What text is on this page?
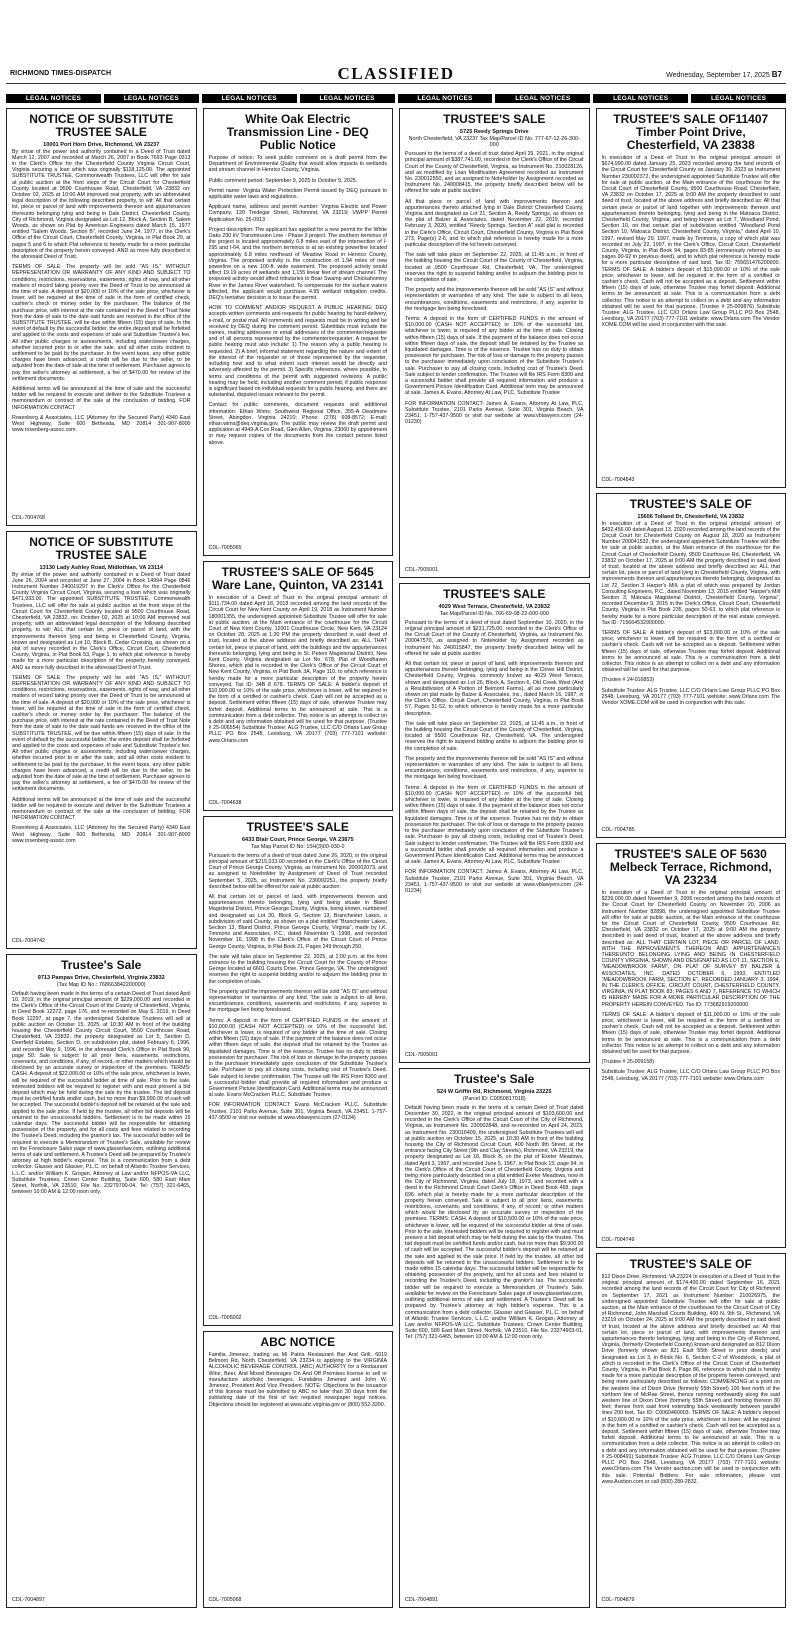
RICHMOND TIMES-DISPATCH	CLASSIFIED	Wednesday, September 17, 2025 B7
LEGAL NOTICES	LEGAL NOTICES	LEGAL NOTICES	LEGAL NOTICES	LEGAL NOTICES	LEGAL NOTICES	LEGAL NOTICES	LEGAL NOTICES
NOTICE OF SUBSTITUTE TRUSTEE SALE
10001 Port Horn Drive, Richmond, VA 23237

By virtue of the power and authority contained in a Deed of Trust dated March 12, 2007 and recorded at March 26, 2007 in Book 7693 Page 0313 in the Clerk's Office for the Chesterfield County Virginia Circuit Court, Virginia securing a loan which was originally $118,125.00. The appointed SUBSTITUTE TRUSTEE, Commonwealth Trustees, LLC will offer for sale at public auction at the front steps of the Circuit Court for Chesterfield County located at 9500 Courthouse Road, Chesterfield, VA 23832 on: October 02, 2025 at 10:00 AM improved real property, with an abbreviated legal description of the following described property, to wit: All that certain lot, piece or parcel of land with improvements thereon and appurtenances thereunto belonging lying and being in Dale District, Chesterfield County, City of Richmond, Virginia designated as Lot 12, Block A, Section B, Salem Woods, as shown on Plat by American Engineers dated March 15, 1977 entitled "Salem Woods, Section B", recorded June 24, 1977, in the Clerk's Office of the Circuit Court, Chesterfield County, Virginia, in Plat Book 29, at pages 5 and 6 to which Plat reference is hereby made for a more particular description of the property herein conveyed. AND as more fully described in the aforesaid Deed of Trust.

TERMS OF SALE: The property will be sold "AS IS," WITHOUT REPRESENTATION OR WARRANTY OF ANY KIND AND SUBJECT TO conditions, restrictions, reservations, easements, rights of way, and all other matters of record taking priority over the Deed of Trust to be announced at the time of sale. A deposit of $20,000 or 10% of the sale price, whichever is lower, will be required at the time of sale in the form of certified check, cashier's check or money order by the purchaser. The balance of the purchase price, with interest at the rate contained in the Deed of Trust Note from the date of sale to the date said funds are received in the office of the SUBSTITUTE TRUSTEE, will be due within fifteen (15) days of sale. In the event of default by the successful bidder, the entire deposit shall be forfeited and applied to the costs and expenses of sale and Substitute Trustee's fee. All other public charges or assessments, including water/sewer charges, whether incurred prior to or after the sale, and all other costs incident to settlement to be paid by the purchaser. In the event taxes, any other public charges have been advanced, a credit will be due to the seller, to be adjusted from the date of sale at the time of settlement. Purchaser agrees to pay the seller's attorney at settlement, a fee of $470.00 for review of the settlement documents.

Additional terms will be announced at the time of sale and the successful bidder will be required to execute and deliver to the Substitute Trustees a memorandum or contract of the sale at the conclusion of bidding. FOR INFORMATION CONTACT

Rosenberg & Associates, LLC (Attorney for the Secured Party) 4340 East West Highway, Suite 600 Bethesda, MD 20814 301-907-8000 www.rosenberg-assoc.com

CDL-7004768
NOTICE OF SUBSTITUTE TRUSTEE SALE
13130 Lady Ashley Road, Midlothian, VA 23114

By virtue of the power and authority contained in a Deed of Trust dated June 26, 2004 and recorded at June 27, 2004 in Book 14994 Page 0846 Instrument Number 240019297 in the Clerk's Office for the Chesterfield County Virginia Circuit Court, Virginia, securing a loan which was originally $471,933.00. The appointed SUBSTITUTE TRUSTEE, Commonwealth Trustees, LLC will offer for sale at public auction at the front steps of the Circuit Court for Chesterfield County located at 9500 Courthouse Road, Chesterfield, VA 23832, on: October 02, 2025 at 10:00 AM improved real property, with an abbreviated legal description of the following described property, to wit: ALL that certain lot, piece or parcel of land, with the improvements thereon lying and being in Chesterfield County, Virginia, known and designated as Lot 10, Block B, Cedar Crossing, as shown on a plat of survey recorded in the Clerk's Office, Circuit Court, Chesterfield County, Virginia, in Plat Book 53, Page 1, to which plat reference is hereby made for a more particular description of the property hereby conveyed. AND as more fully described in the aforesaid Deed of Trust.

TERMS OF SALE: The property will be sold "AS IS," WITHOUT REPRESENTATION OR WARRANTY OF ANY KIND AND SUBJECT TO conditions, restrictions, reservations, easements, rights of way, and all other matters of record taking priority over the Deed of Trust to be announced at the time of sale. A deposit of $20,000 or 10% of the sale price, whichever is lower, will be required at the time of sale in the form of certified check, cashier's check or money order by the purchaser. The balance of the purchase price, with interest at the rate contained in the Deed of Trust Note from the date of sale to the date said funds are received in the office of the SUBSTITUTE TRUSTEE, will be due within fifteen (15) days of sale. In the event of default by the successful bidder, the entire deposit shall be forfeited and applied to the costs and expenses of sale and Substitute Trustee's fee. All other public charges or assessments, including water/sewer charges, whether incurred prior to or after the sale, and all other costs incident to settlement to be paid by the purchaser. In the event taxes, any other public charges have been advanced, a credit will be due to the seller, to be adjusted from the date of sale at the time of settlement. Purchaser agrees to pay the seller's attorney at settlement, a fee of $470.00 for review of the settlement documents.

Additional terms will be announced at the time of sale and the successful bidder will be required to execute and deliver to the Substitute Trustees a memorandum or contract of the sale at the conclusion of bidding. FOR INFORMATION CONTACT

Rosenberg & Associates, LLC (Attorney for the Secured Party) 4340 East West Highway, Suite 600 Bethesda, MD 20814 301-907-8000 www.rosenberg-assoc.com

CDL-7004742
Trustee's Sale
9713 Pampas Drive, Chesterfield, Virginia 23832
(Tax Map ID No.: 768663842200000)

Default having been made in the terms of a certain Deed of Trust dated April 10, 2019, in the original principal amount of $229,000.00 and recorded in the Clerk's Office of the Circuit Court of the County of Chesterfield, Virginia, in Deed Book 12272, page 176, and re-recorded on May 6, 2019, in Deed Book 12297, at page 7, the undersigned Substitute Trustees will sell at public auction on October 15, 2025, at 10:30 AM in front of the building housing the Chesterfield County Circuit Court, 9500 Courthouse Road, Chesterfield, VA 23832, the property designated as Lot 5, Section D, Deerfield Estates, Section D, on subdivision plat, dated February 6, 1996, and recorded May 9, 1996, in the aforesaid Clerk's Office in Plat Book 90, page 50. Sale is subject to all prior liens, easements, restrictions, covenants, and conditions, if any, of record, or other matters which would be disclosed by an accurate survey or inspection of the premises. TERMS: CASH. A deposit of $22,000.00 or 10% of the sale price, whichever is lower, will be required of the successful bidder at time of sale. Prior to the sale, interested bidders will be required to register with and must present a bid deposit which may be held during the sale by the trustee. The bid deposit must be certified funds and/or cash, but no more than $9,990.00 of cash will be accepted. The successful bidder's deposit will be retained at the sale and applied to the sale price. If held by the trustee, all other bid deposits will be returned to the unsuccessful bidders. Settlement is to be made within 15 calendar days. The successful bidder will be responsible for obtaining possession of the property, and for all costs and fees related to recording the Trustee's Deed, including the grantor's tax. The successful bidder will be required to execute a Memorandum of Trustee's Sale, available for review on the Foreclosure Sales page of www.glasserlaw.com, outlining additional terms of sale and settlement. A Trustee's Deed will be prepared by Trustee's attorney at high bidder's expense. This is a communication from a debt collector. Glasser and Glasser, P.L.C. on behalf of Atlantic Trustee Services, L.L.C. and/or William K. Grogan, Attorney at Law and/or NFPOS-VA LLC, Substitute Trustees, Crown Center Building, Suite 600, 580 East Main Street, Norfolk, VA 23510, File No. 23279790-04, Tel: (757) 321-6465, between 10:00 AM & 12:00 noon only.

CDL-7004897
White Oak Electric Transmission Line - DEQ Public Notice

Purpose of notice: To seek public comment on a draft permit from the Department of Environmental Quality that would allow impacts to wetlands and stream channel in Henrico County, Virginia.

Public comment period: September 9, 2025 to October 9, 2025

Permit name: Virginia Water Protection Permit issued by DEQ pursuant to applicable water laws and regulations.

Applicant name, address and permit number: Virginia Electric and Power Company, 120 Tredegar Street, Richmond, VA 23219; VWPP Permit Application No. 25-0913

Project description: The applicant has applied for a new permit for the White Oaks 230 kV Transmission Line - Phase 2 project. The southern terminus of the project is located approximately 0.8 miles east of the intersection of I-295 and I-64, and the northern terminus is at an existing powerline located approximately 6.8 miles northeast of Meadow Road in Henrico County, Virginia. The proposed activity is the construction of 1.94 miles of new powerline on a new 100-ft. wide easement. The proposed activity would affect 19.19 acres of wetlands and 1,155 linear feet of stream channel. The proposed activity would affect tributaries to Boar Swamp and Chickahominy River in the James River watershed. To compensate for the surface waters affected, the applicant would purchase 4.95 wetland mitigation credits. DEQ's tentative decision is to issue the permit.

HOW TO COMMENT AND/OR REQUEST A PUBLIC HEARING: DEQ accepts written comments and requests for public hearing by hand-delivery, e-mail, or postal mail. All comments and requests must be in writing and be received by DEQ during the comment period. Submittals must include the names, mailing addresses or email addresses of the commenter/requester and of all persons represented by the commenter/requester. A request for public hearing must also include: 1) The reason why a public hearing is requested. 2) A brief, informal statement regarding the nature and extent of the interest of the requester or of those represented by the requester, including how and to what extent such interest would be directly and adversely affected by the permit. 3) Specific references, where possible, to terms and conditions of the permit with suggested revisions. A public hearing may be held, including another comment period, if public response is significant based on individual requests for a public hearing, and there are substantial, disputed issues relevant to the permit.

Contact for public comments, document requests and additional information: Ethan Wims; Southwest Regional Office, 355-A Deadmore Street, Abingdon, Virginia 24210; Phone: (276) 608-8572; E-mail: ethan.wims@deq.virginia.gov. The public may review the draft permit and application at 4949-A Cox Road, Glen Allen, Virginia, 23060 by appointment or may request copies of the documents from the contact person listed above.

CDL-7005065
TRUSTEE'S SALE OF 5645 Ware Lane, Quinton, VA 23141

In execution of a Deed of Trust in the original principal amount of $111,734.00 dated April 18, 2018 recorded among the land records of the Circuit Court for New Kent County on April 19, 2018 as Instrument Number 180001355, the undersigned appointed Substitute Trustee will offer for sale at public auction, at the Main entrance of the courthouse for the Circuit Court of New Kent County, 12001 Courthouse Circle, New Kent, VA 23124 on October 28, 2025 at 1:30 PM the property described in said deed of trust, located at the above address and briefly described as: ALL THAT certain lot, piece or parcel of land, with the buildings and the appurtenances thereunto belonging, lying and being in St. Peters Magisterial District, New Kent County, Virginia designated as Lot No. 678, Plat of Woodhaven Shores, which plat is recorded in the Clerk's Office of the Circuit Court of New Kent County, Virginia, in Plat Book 3A, Page 110, to which reference is hereby made for a more particular description of the property herein conveyed. Tax ID: 34B 8 678. TERMS OF SALE: A bidder's deposit of $10,000.00 or 10% of the sale price, whichever is lower, will be required in the form of a certified or cashier's check. Cash will not be accepted as a deposit. Settlement within fifteen (15) days of sale, otherwise Trustee may forfeit deposit. Additional terms to be announced at sale. This is a communication from a debt collector. This notice is an attempt to collect on a debt and any information obtained will be used for that purpose. (Trustee # 25-006554) Substitute Trustee: ALG Trustee, LLC C/O Orlans Law Group PLLC PO Box 2548, Leesburg, VA 20177 (703) 777-7101 website: www.Orlans.com

CDL-7004638
TRUSTEE'S SALE
6433 Blair Court, Prince George, VA 23875
Tax Map Parcel ID No: 15H(3)00-030-0

Pursuant to the terms of a deed of trust dated June 26, 2020, in the original principal amount of $215,033.00 recorded in the Clerk's Office of the Circuit Court of Prince George County, Virginia, as Instrument No. 200002073, and as assigned to Noteholder by Assignment of Deed of Trust recorded September 5, 2025, as Instrument No. 230002251, the property briefly described below will be offered for sale at public auction:

All that certain lot or parcel of land, with improvements thereon and appurtenances thereto belonging, lying and being situate in Bland Magisterial District, Prince George County, Virginia, being known, numbered and designated as Lot 30, Block G, Section 13, Branchester Lakes, a subdivision of said County, as shown on a plat entitled "Branchester Lakes, Section 13, Bland District, Prince George County, Virginia", made by I.K. Timmons and Associates, P.C., dated November 9, 1998, and recorded November 16, 1998 in the Clerk's Office of the Circuit Court of Prince George County, Virginia, in Plat Book 21, Pages 249 through 250.

The sale will take place on September 22, 2025, at 1:00 p.m. at the front entrance to the building housing the Circuit Court for the County of Prince George located at 6601 Courts Drive, Prince George, VA. The undersigned reserves the right to suspend bidding and/or to adjourn the bidding prior to the completion of sale.

The property and the improvements thereon will be sold "AS IS" and without representation or warranties of any kind. The sale is subject to all liens, encumbrances, conditions, easements and restrictions, if any, superior to the mortgage lien being foreclosed.

Terms: A deposit in the form of CERTIFIED FUNDS in the amount of $10,000.00 (CASH NOT ACCEPTED) or 10% of the successful bid, whichever is lower, is required of any bidder at the time of sale. Closing within fifteen (15) days of sale. If the payment of the balance does not occur within fifteen days of sale, the deposit shall be retained by the Trustee as liquidated damages. Time is of the essence. Trustee has no duty to obtain possession for purchaser. The risk of loss or damage to the property passes to the purchaser immediately upon conclusion of the Substitute Trustee's sale. Purchaser to pay all closing costs, including cost of Trustee's Deed. Sale subject to lender confirmation. The Trustee will file IRS Form 8300 and a successful bidder shall provide all required information and produce a Government Picture Identification Card. Additional terms may be announced at sale. Evans McCracken PLLC, Substitute Trustee.

FOR INFORMATION CONTACT: Evans McCracken PLLC, Substitute Trustee, 2101 Parks Avenue, Suite 301, Virginia Beach, VA 23451. 1-757-437-9500 or visit our website at www.vblawyers.com (27-0134)

CDL-7005002
ABC NOTICE

Familia Jimenez, trading as Mi Patria Restaurant Bar And Grill, 6019 Belmont Rd, North Chesterfield, VA 23234 is applying to the VIRGINIA ALCOHOLIC BEVERAGE CONTROL (ABC) AUTHORITY for a Restaurant Wine, Beer, And Mixed Beverages On And Off Premises license to sell or manufacture alcoholic beverages. Fundalina Jimenez and John W. Jimenez, President And Vice President. NOTE: Objections to the issuance of this license must be submitted to ABC no later than 30 days from the publishing date of the first of two required newspaper legal notices. Objections should be registered at www.abc.virginia.gov or (800) 552-3200.

CDL-7005068
TRUSTEE'S SALE
5725 Reedy Springs Drive
North Chesterfield, VA 23237 Tax Map/Parcel ID No. 777-67-12-26-300-000

Pursuant to the terms of a deed of trust dated April 29, 2021, in the original principal amount of $387,741.00, recorded in the Clerk's Office of the Circuit Court of the County of Chesterfield, Virginia, as Instrument No. 210028126, and as modified by Loan Modification Agreement recorded as Instrument No. 230012550, and as assigned to Noteholder by Assignment recorded as Instrument No. 240008415, the property briefly described below will be offered for sale at public auction:

All that piece or parcel of land with improvements thereon and appurtenances thereto attached lying in Dale District Chesterfield County, Virginia and designated as Lot 21, Section A, Reedy Springs, as shown on the plat of Balzer & Associates, dated November 22, 2019, recorded February 3, 2020, entitled "Reedy Springs, Section A" said plat is recorded in the Clerk's Office, Circuit Court, Chesterfield County, Virginia in Plat Book 273, Page(s) 2-6, and to which plat reference is hereby made for a more particular description of the lot herein conveyed.

The sale will take place on September 22, 2025, at 11:45 a.m., in front of the building housing the Circuit Court of the County of Chesterfield, Virginia, located at 9500 Courthouse Rd, Chesterfield, VA. The undersigned reserves the right to suspend bidding and/or to adjourn the bidding prior to the completion of sale.

The property and the improvements thereon will be sold "AS IS" and without representation or warranties of any kind. The sale is subject to all liens, encumbrances, conditions, easements and restrictions, if any, superior to the mortgage lien being foreclosed.

Terms: A deposit in the form of CERTIFIED FUNDS in the amount of $10,000.00 (CASH NOT ACCEPTED) or 10% of the successful bid, whichever is lower, is required of any bidder at the time of sale. Closing within fifteen (15) days of sale. If the payment of the balance does not occur within fifteen days of sale, the deposit shall be retained by the Trustee as liquidated damages. Time is of the essence. Trustee has no duty to obtain possession for purchaser. The risk of loss or damage to the property passes to the purchaser immediately upon conclusion of the Substitute Trustee's sale. Purchaser to pay all closing costs, including cost of Trustee's Deed. Sale subject to lender confirmation. The Trustee will file IRS Form 8300 and a successful bidder shall provide all required information and produce a Government Picture Identification Card. Additional term may be announced at sale. James A. Evans, Attorney At Law, PLC, Substitute Trustee

FOR INFORMATION CONTACT: James A. Evans, Attorney At Law, PLC, Substitute Trustee, 2101 Parks Avenue, Suite 301, Virginia Beach, VA 23451. 1-757-437-9500 or visit our website at www.vblawyers.com (24-01230)

CDL-7005001
TRUSTEE'S SALE
4029 West Terrace, Chesterfield, VA 23832
Tax Map/Parcel ID No. 766-69-08-22-600-000

Pursuant to the terms of a deed of trust dated September 10, 2020, in the original principal amount of $231,725.00, recorded in the Clerk's Office of the Circuit Court of the County of Chesterfield, Virginia, as Instrument No. 200047570, as assigned to Noteholder by Assignment recorded as Instrument No. 240015847, the property briefly described below will be offered for sale at public auction:

All that certain lot, piece or parcel of land, with improvements thereon and appurtenances thereto belonging, lying and being in the Clover Hill District, Chesterfield County, Virginia, commonly known as 4029 West Terrace, shown and designated as Lot 26, Block A, Section 6, Old Creek West (And a Resubdivision of A Portion of Belmont Farms), all as more particularly shown on plat made by Balzer & Associates, Inc., dated March 16, 1987, in the Clerk's Office, Circuit Court, Chesterfield County, Virginia, in Plat Book 57, Pages 51-52, to which reference is hereby made for a more particular description.

The sale will take place on September 22, 2025, at 11:45 a.m., in front of the building housing the Circuit Court of the County of Chesterfield, Virginia, located at 9500 Courthouse Rd., Chesterfield, VA. The undersigned reserves the right to suspend bidding and/or to adjourn the bidding prior to the completion of sale.

The property and the improvements thereon will be sold "AS IS" and without representation or warranties of any kind. The sale is subject to all liens, encumbrances, conditions, easements and restrictions, if any, superior to the mortgage lien being foreclosed.

Terms: A deposit in the form of CERTIFIED FUNDS in the amount of $10,000.00 (CASH NOT ACCEPTED) or 10% of the successful bid, whichever is lower, is required of any bidder at the time of sale. Closing within fifteen (15) days of sale. If the payment of the balance does not occur within fifteen days of sale, the deposit shall be retained by the Trustee as liquidated damages. Time is of the essence. Trustee has no duty to obtain possession for purchaser. The risk of loss or damage to the property passes to the purchaser immediately upon conclusion of the Substitute Trustee's sale. Purchaser to pay all closing costs, including cost of Trustee's Deed. Sale subject to lender confirmation. The Trustee will file IRS Form 8300 and a successful bidder shall provide all required information and produce a Government Picture Identification Card. Additional terms may be announced at sale. James A. Evans, Attorney At Law, PLC, Substitute Trustee

FOR INFORMATION CONTACT: James A. Evans, Attorney At Law, PLC, Substitute Trustee, 2101 Parks Avenue, Suite 301, Virginia Beach, VA 23451. 1-757-437-9500 or visit our website at www.vblawyers.com (24-01234)

CDL-7005001
Trustee's Sale
524 W Griffin Rd, Richmond, Virginia 23225
(Parcel ID: C0050817018)

Default having been made in the terms of a certain Deed of Trust dated December 30, 2022, in the original principal amount of $103,600.00 and recorded in the Clerk's Office of the Circuit Court of the City of Richmond, Virginia, as Instrument No. 230002848, and re-recorded on April 24, 2023, as Instrument No. 230016409, the undersigned Substitute Trustees will sell at public auction on October 15, 2025, at 10:30 AM in front of the building housing the City of Richmond Circuit Court, 400 North 9th Street, at the entrance facing City Street (9th and Clay Streets), Richmond, VA 23219, the property designated as Lot 18, Block B, on the plat of Exeter Meadows, dated April 3, 1967, and recorded June 5, 1967, in Plat Book 15, page 94, in the Clerk's Office of the Circuit Court of Chesterfield County, Virginia and being more particularly described on a plat entitled Exeter Meadows, now in the City of Richmond, Virginia, dated July 18, 1973, and recorded with a deed in the Richmond Circuit Court Clerk's Office in Deed Book 468, page 696, which plat is hereby made for a more particular description of the property herein conveyed. Sale is subject to all prior liens, easements, restrictions, covenants, and conditions, if any, of record, or other matters which would be disclosed by an accurate survey or inspection of the premises. TERMS: CASH. A deposit of $10,500.00 or 10% of the sale price, whichever is lower, will be required of the successful bidder at time of sale. Prior to the sale, interested bidders will be required to register with and must present a bid deposit which may be held during the sale by the trustee. The bid deposit must be certified funds and/or cash, but no more than $9,900.00 of cash will be accepted. The successful bidder's deposit will be retained at the sale and applied to the sale price. If held by the trustee, all other bid deposits will be returned to the unsuccessful bidders. Settlement is to be made within 15 calendar days. The successful bidder will be responsible for obtaining possession of the property, and for all costs and fees related to recording the Trustee's Deed, including the grantor's tax. The successful bidder will be required to execute a Memorandum of Trustee's Sale, available for review on the Foreclosure Sales page of www.glasserlaw.com, outlining additional terms of sale and settlement. A Trustee's Deed will be prepared by Trustee's attorney at high bidder's expense. This is a communication from a debt collector. Glasser and Glasser, P.L.C. on behalf of Atlantic Trustee Services, L.L.C. and/or William K. Grogan, Attorney at Law and/or NFPOS-VA LLC, Substitute Trustees, Crown Center Building, Suite 600, 580 East Main Street, Norfolk, VA 23510, File No. 23274903-01, Tel: (757) 321-6465, between 10:00 AM & 12:00 noon only.

CDL-7004891
TRUSTEE'S SALE OF11407 Timber Point Drive, Chesterfield, VA 23838

In execution of a Deed of Trust in the original principal amount of $674,990.00 dated January 25, 2023 recorded among the land records of the Circuit Court for Chesterfield County on January 30, 2023 as Instrument Number 230002372, the undersigned appointed Substitute Trustee will offer for sale at public auction, at the Main entrance of the courthouse for the Circuit Court of Chesterfield County, 9500 Courthouse Road, Chesterfield, VA 23832 on October 17, 2025 at 9:00 AM the property described in said deed of trust, located at the above address and briefly described as: All that certain piece or parcel of land together with improvements thereon and appurtenances thereto belonging, lying and being in the Matoaca District, Chesterfield County, Virginia, and being known as Lot 7, Woodland Pond, Section 10, on that certain plat of subdivision entitled "Woodland Pond Section 10, Matoaca District, Chesterfield County, Virginia," dated April 10, 1997, revised May 29, 1997, made by Timmons, a copy of which plat was recorded on July 22, 1997, in the Clerk's Office, Circuit Court, Chesterfield County, Virginia, in Plat Book 94, pages 83-85 (erroneously referred to as pages 90-92 in previous deed), and to which plat reference is hereby made for a more particular description of said land. Tax ID: 755651476200000. TERMS OF SALE: A bidder's deposit of $15,000.00 or 10% of the sale price, whichever is lower, will be required in the form of a certified or cashier's check. Cash will not be accepted as a deposit. Settlement within fifteen (15) days of sale, otherwise Trustee may forfeit deposit. Additional terms to be announced at sale. This is a communication from a debt collector. This notice is an attempt to collect on a debt and any information obtained will be used for that purpose. (Trustee # 25-009876) Substitute Trustee: ALG Trustee, LLC C/O Orlans Law Group PLLC PO Box 2548, Leesburg, VA 20177 (703) 777-7101 website: www.Orlans.com The Vendor XOME.COM will be used in conjunction with this sale.

CDL-7004843
TRUSTEE'S SALE OF
15606 Tolland Dr, Chesterfield, VA 23832

In execution of a Deed of Trust in the original principal amount of $432,456.00 dated August 13, 2020 recorded among the land records of the Circuit Court for Chesterfield County on August 18, 2020 as Instrument Number 200041532, the undersigned appointed Substitute Trustee will offer for sale at public auction, at the Main entrance of the courthouse for the Circuit Court of Chesterfield County, 9500 Courthouse Rd, Chesterfield, VA 23832 on October 17, 2025 at 9:00 AM the property described in said deed of trust, located at the above address and briefly described as: ALL that certain lot, piece or parcel of land lying in Chesterfield County, Virginia, with improvements thereon and appurtenances thereto belonging, designated as Lot 72, Section 3 Harper's Mill, a plat of which was prepared by Jordan Consulting Engineers, P.C., dated November 13, 2015 entitled "Harper's Mill Section 3, Matoaca Magisterial District, Chesterfield County, Virginia", recorded December 9, 2015 in the Clerk's Office, Circuit Court, Chesterfield County, Virginia in Plat Book 235, pages 50-63, to which plat reference is hereby made for a more particular description of the real estate conveyed. Tax ID: 715664532900000.

TERMS OF SALE: A bidder's deposit of $13,000.00 or 10% of the sale price, whichever is lower, will be required in the form of a certified or cashier's check. Cash will not be accepted as a deposit. Settlement within fifteen (15) days of sale, otherwise Trustee may forfeit deposit. Additional terms to be announced at sale. This is a communication from a debt collector. This notice is an attempt to collect on a debt and any information obtained will be used for that purpose.

(Trustee # 24-016853)

Substitute Trustee: ALG Trustee, LLC C/O Orlans Law Group PLLC PO Box 2548, Leesburg, VA 20177 (703) 777-7101 website: www.Orlans.com The Vendor XOME.COM will be used in conjunction with this sale.

CDL-7004785
TRUSTEE'S SALE OF 5630 Melbeck Terrace, Richmond, VA 23234

In execution of a Deed of Trust in the original principal amount of $239,000.00 dated November 9, 2006 recorded among the land records of the Circuit Court for Chesterfield County on November 20, 2006 as Instrument Number 82898, the undersigned appointed Substitute Trustee will offer for sale at public auction, at the Main entrance of the courthouse for the Circuit Court of Chesterfield County, 9500 Courthouse Rd, Chesterfield, VA 23832 on October 17, 2025 at 9:00 AM the property described in said deed of trust, located at the above address and briefly described as: ALL THAT CERTAIN LOT, PIECE OR PARCEL OF LAND, WITH THE IMPROVEMENTS THEREON AND APPURTENANCES THEREUNTO BELONGING LYING AND BEING IN CHESTERFIELD COUNTY VIRGINIA, SHOWN AND DESIGNATED AS LOT 11, SECTION E, "MEADOWBROOK FARM", ON PLAT OF SURVEY BY BALZER & ASSOCIATES, INC. DATED OCTOBER 6, 1993, ENTITLED "MEADOWBROOK FARM, SECTION E", RECORDED JANUARY 3, 1994, IN THE CLERK'S OFFICE, CIRCUIT COURT, CHESTERFIELD COUNTY, VIRGINIA, IN PLAT BOOK 83, PAGES 6 AND 7, REFERENCE TO WHICH IS HEREBY MADE FOR A MORE PARTICULAR DESCRIPTION OF THE PROPERTY HEREIN CONVEYED. Tax ID: 773682919200000.

TERMS OF SALE: A bidder's deposit of $11,000.00 or 10% of the sale price, whichever is lower, will be required in the form of a certified or cashier's check. Cash will not be accepted as a deposit. Settlement within fifteen (15) days of sale, otherwise Trustee may forfeit deposit. Additional terms to be announced at sale. This is a communication from a debt collector. This notice is an attempt to collect on a debt and any information obtained will be used for that purpose.

(Trustee # 25-009158)

Substitute Trustee: ALG Trustee, LLC C/O Orlans Law Group PLLC PO Box 2548, Leesburg, VA 20177 (703) 777-7101 website: www.Orlans.com

CDL-7004749
TRUSTEE'S SALE OF

812 Dixon Drive, Richmond, VA 23224 In execution of a Deed of Trust in the original principal amount of $174,400.00 dated September 16, 2021 recorded among the land records of the Circuit Court for City of Richmond on September 17, 2021 as Instrument Number: 210026975, the undersigned appointed Substitute Trustee will offer for sale at public auction, at the Main entrance of the courthouse for the Circuit Court of City of Richmond, John Marshall Courts Building, 400 N. 9th St., Richmond, VA 23219 on October 24, 2025 at 9:00 AM the property described in said deed of trust, located at the above address and briefly described as: All that certain lot, piece or parcel of land, with improvements thereon and appurtenances thereto belonging, lying and being in the City of Richmond, Virginia, (formerly Chesterfield County) known and designated as 812 Dixon Drive (formerly shown as 821 East 55th Street in prior deeds) and designated as Lot 3, in Block No. 6, Section C-2 of Woodstock, a plat of which is recorded in the Clerk's Office of the Circuit Court of Chesterfield County, Virginia, in Plat Book 8, Page 86, reference to which plat is hereby made for a more particular description of the property herein conveyed, and being more particularly described as follows: COMMENCING at a point on the western line of Dixon Drive (formerly 55th Street) 100 feet north of the northern line of McRae Street, thence running northwardly along the said western line of Dixon Drive (formerly 55th Street) and fronting thereon 80 feet; thence from said front extending back westwardly between parallel lines 200 feet. Tax ID: C0060460003. TERMS OF SALE: A bidder's deposit of $10,000.00 or 10% of the sale price, whichever is lower, will be required in the form of a certified or cashier's check. Cash will not be accepted as a deposit. Settlement within fifteen (15) days of sale, otherwise Trustee may forfeit deposit. Additional terms to be announced at sale. This is a communication from a debt collector. This notice is an attempt to collect on a debt and any information obtained will be used for that purpose. (Trustee # 25-008491) Substitute Trustee: ALG Trustee, LLC C/O Orlans Law Group PLLC PO Box 2548, Leesburg, VA 20177 (703) 777-7101 website: www.Orlans.com The Vendor auction.com will be used in conjunction with this sale. Potential Bidders: For sale information, please visit www.Auction.com or call (800) 280-2832.

CDL-7004879
